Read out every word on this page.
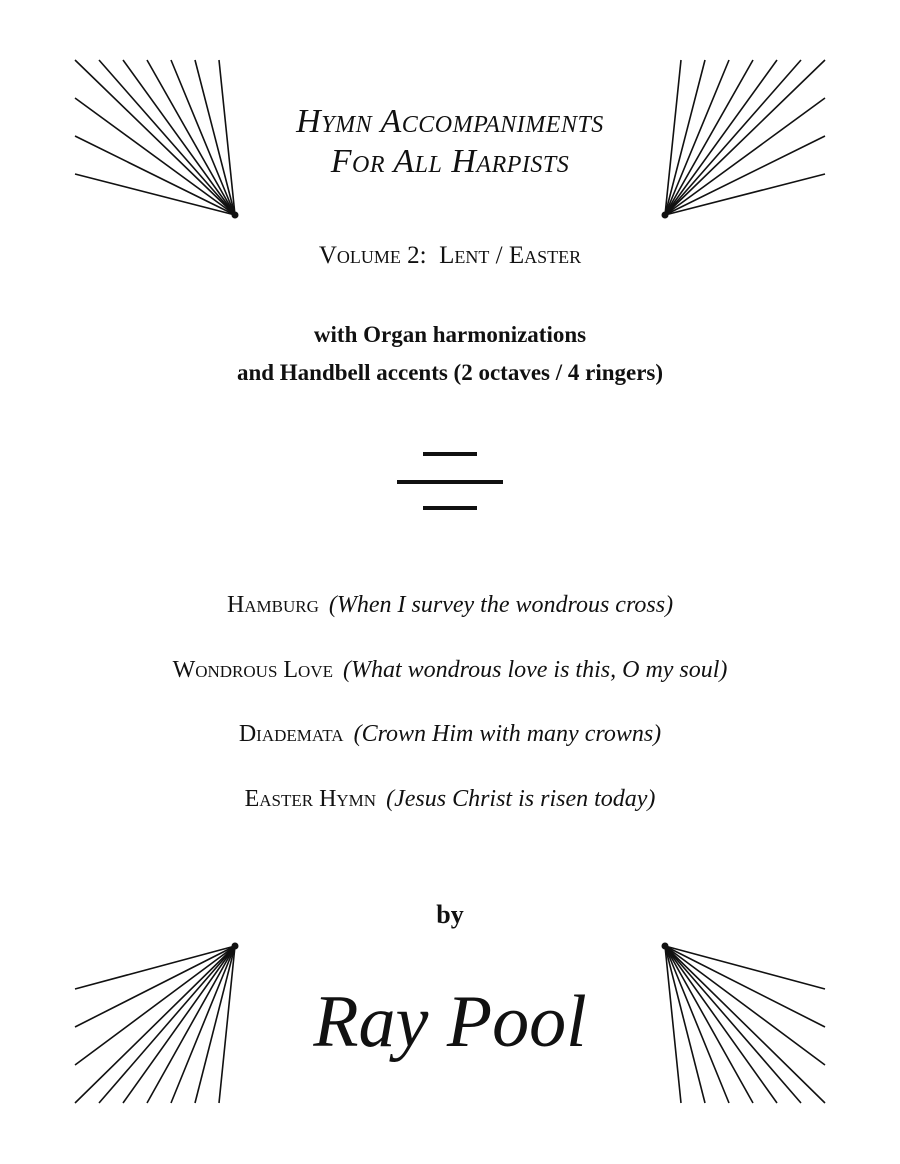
Hymn Accompaniments
For All Harpists
Volume 2:  Lent / Easter
with Organ harmonizations
and Handbell accents (2 octaves / 4 ringers)
Hamburg (When I survey the wondrous cross)
Wondrous Love (What wondrous love is this, O my soul)
Diademata (Crown Him with many crowns)
Easter Hymn (Jesus Christ is risen today)
by
Ray Pool
